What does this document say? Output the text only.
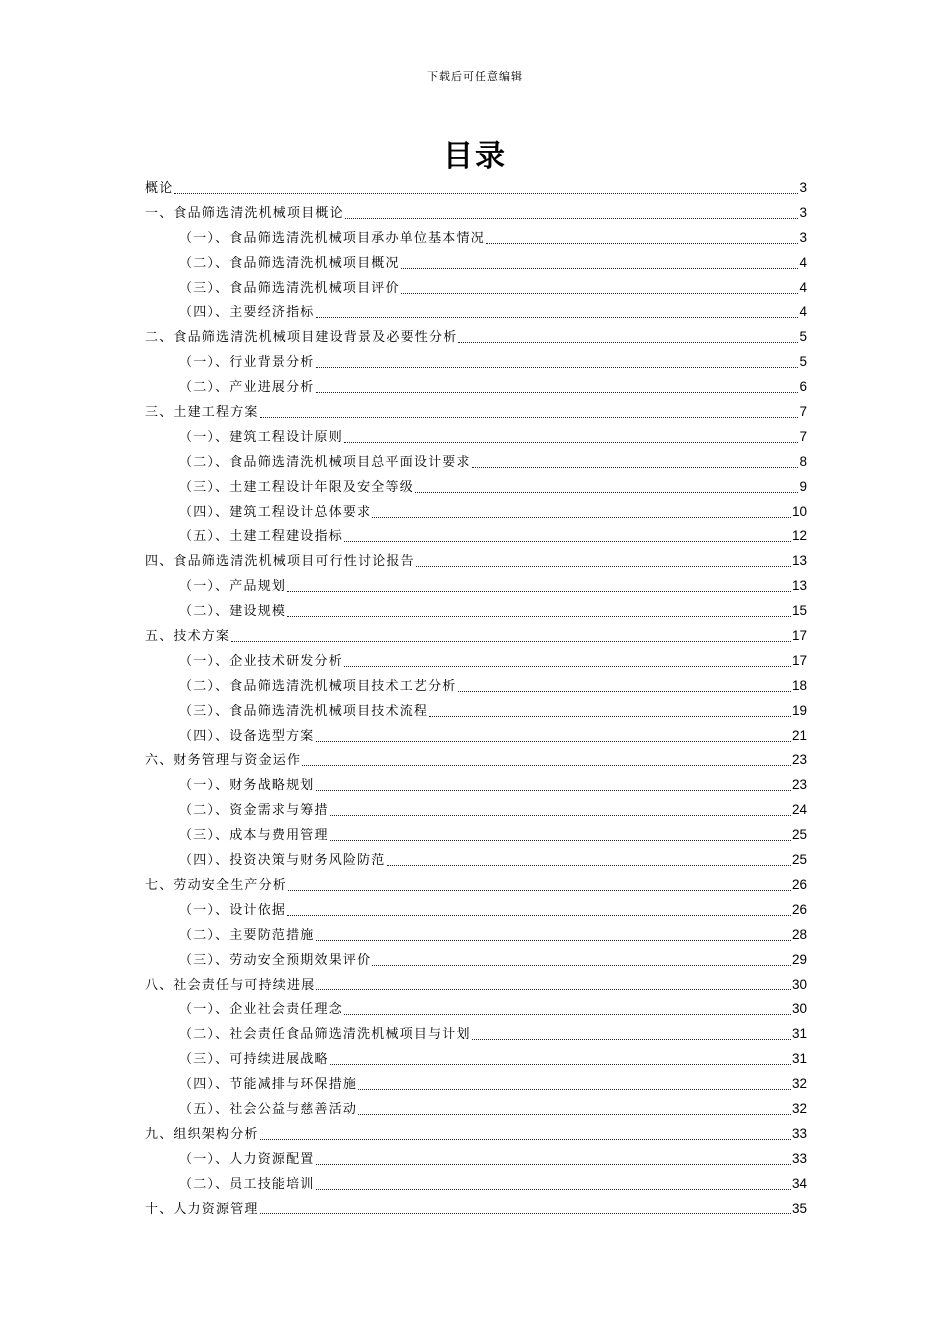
下载后可任意编辑
目录
概论	3
一、食品筛选清洗机械项目概论	3
（一）、食品筛选清洗机械项目承办单位基本情况	3
（二）、食品筛选清洗机械项目概况	4
（三）、食品筛选清洗机械项目评价	4
（四）、主要经济指标	4
二、食品筛选清洗机械项目建设背景及必要性分析	5
（一）、行业背景分析	5
（二）、产业进展分析	6
三、土建工程方案	7
（一）、建筑工程设计原则	7
（二）、食品筛选清洗机械项目总平面设计要求	8
（三）、土建工程设计年限及安全等级	9
（四）、建筑工程设计总体要求	10
（五）、土建工程建设指标	12
四、食品筛选清洗机械项目可行性讨论报告	13
（一）、产品规划	13
（二）、建设规模	15
五、技术方案	17
（一）、企业技术研发分析	17
（二）、食品筛选清洗机械项目技术工艺分析	18
（三）、食品筛选清洗机械项目技术流程	19
（四）、设备选型方案	21
六、财务管理与资金运作	23
（一）、财务战略规划	23
（二）、资金需求与筹措	24
（三）、成本与费用管理	25
（四）、投资决策与财务风险防范	25
七、劳动安全生产分析	26
（一）、设计依据	26
（二）、主要防范措施	28
（三）、劳动安全预期效果评价	29
八、社会责任与可持续进展	30
（一）、企业社会责任理念	30
（二）、社会责任食品筛选清洗机械项目与计划	31
（三）、可持续进展战略	31
（四）、节能减排与环保措施	32
（五）、社会公益与慈善活动	32
九、组织架构分析	33
（一）、人力资源配置	33
（二）、员工技能培训	34
十、人力资源管理	35
